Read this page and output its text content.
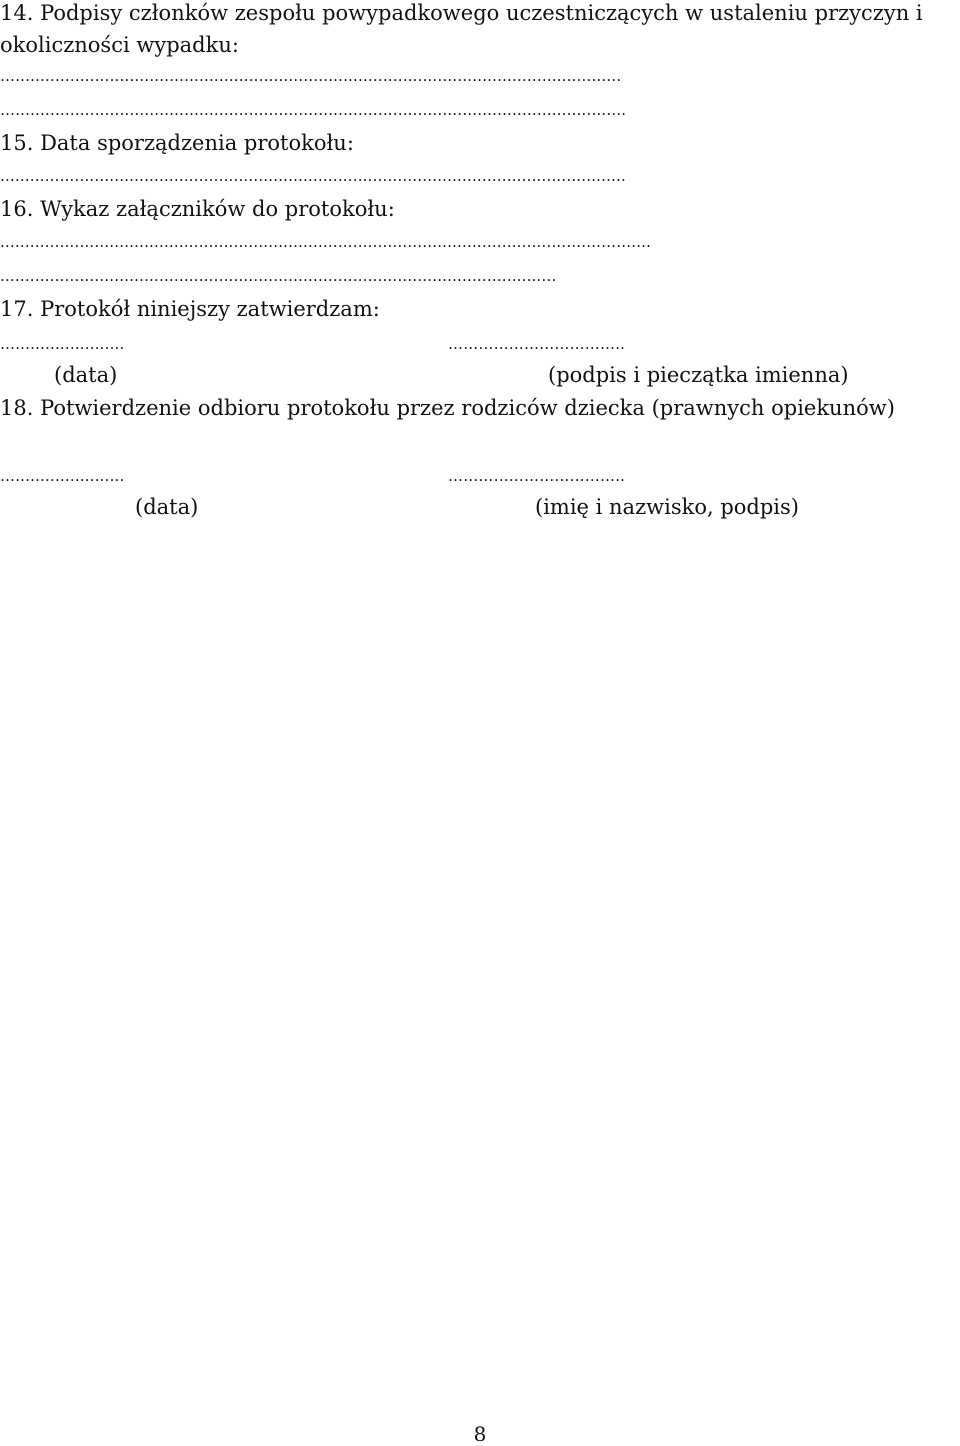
14. Podpisy członków zespołu powypadkowego uczestniczących w ustaleniu przyczyn i
okoliczności wypadku:
…..........................................................................................................................
…...........................................................................................................................
15. Data sporządzenia protokołu:
..............................................................................................................................
16. Wykaz załączników do protokołu:
.........................................................................................................................….......
................................................................................................................
17. Protokół niniejszy zatwierdzam:
…......................	……………………………..
(data)	(podpis i pieczątka imienna)
18. Potwierdzenie odbioru protokołu przez rodziców dziecka (prawnych opiekunów)
…......................	……………………………..
(data)	(imię i nazwisko, podpis)
8
